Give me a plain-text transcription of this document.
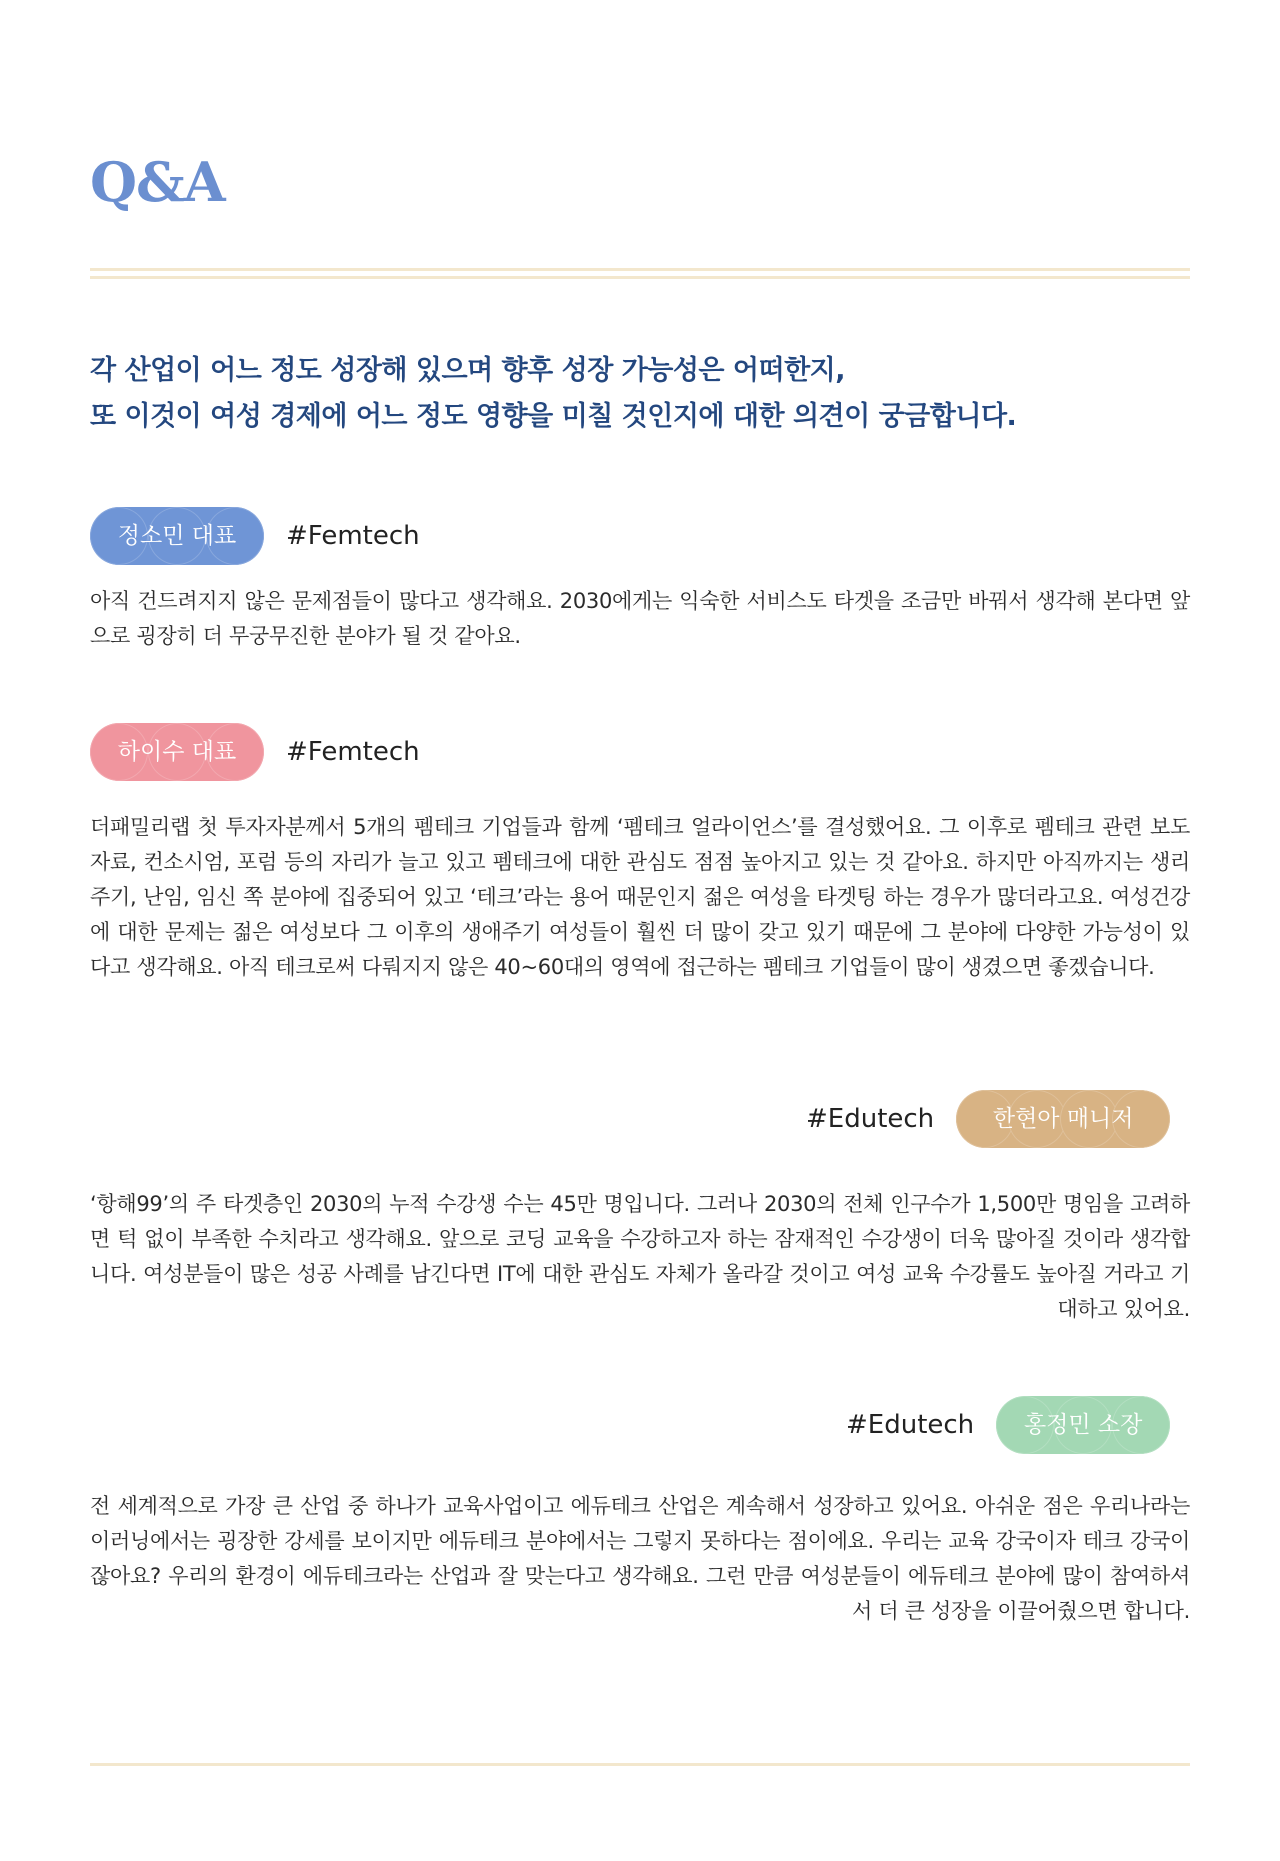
Q&A
각 산업이 어느 정도 성장해 있으며 향후 성장 가능성은 어떠한지,
또 이것이 여성 경제에 어느 정도 영향을 미칠 것인지에 대한 의견이 궁금합니다.
정소민 대표	#Femtech
아직 건드려지지 않은 문제점들이 많다고 생각해요. 2030에게는 익숙한 서비스도 타겟을 조금만 바꿔서 생각해 본다면 앞으로 굉장히 더 무궁무진한 분야가 될 것 같아요.
하이수 대표	#Femtech
더패밀리랩 첫 투자자분께서 5개의 펨테크 기업들과 함께 ‘펨테크 얼라이언스’를 결성했어요. 그 이후로 펨테크 관련 보도자료, 컨소시엄, 포럼 등의 자리가 늘고 있고 펨테크에 대한 관심도 점점 높아지고 있는 것 같아요. 하지만 아직까지는 생리주기, 난임, 임신 쪽 분야에 집중되어 있고 ‘테크’라는 용어 때문인지 젊은 여성을 타겟팅 하는 경우가 많더라고요. 여성건강에 대한 문제는 젊은 여성보다 그 이후의 생애주기 여성들이 훨씬 더 많이 갖고 있기 때문에 그 분야에 다양한 가능성이 있다고 생각해요. 아직 테크로써 다뤄지지 않은 40~60대의 영역에 접근하는 펨테크 기업들이 많이 생겼으면 좋겠습니다.
#Edutech	한현아 매니저
‘항해99’의 주 타겟층인 2030의 누적 수강생 수는 45만 명입니다. 그러나 2030의 전체 인구수가 1,500만 명임을 고려하면 턱 없이 부족한 수치라고 생각해요. 앞으로 코딩 교육을 수강하고자 하는 잠재적인 수강생이 더욱 많아질 것이라 생각합니다. 여성분들이 많은 성공 사례를 남긴다면 IT에 대한 관심도 자체가 올라갈 것이고 여성 교육 수강률도 높아질 거라고 기대하고 있어요.
#Edutech	홍정민 소장
전 세계적으로 가장 큰 산업 중 하나가 교육사업이고 에듀테크 산업은 계속해서 성장하고 있어요. 아쉬운 점은 우리나라는 이러닝에서는 굉장한 강세를 보이지만 에듀테크 분야에서는 그렇지 못하다는 점이에요. 우리는 교육 강국이자 테크 강국이잖아요? 우리의 환경이 에듀테크라는 산업과 잘 맞는다고 생각해요. 그런 만큼 여성분들이 에듀테크 분야에 많이 참여하셔서 더 큰 성장을 이끌어줬으면 합니다.
